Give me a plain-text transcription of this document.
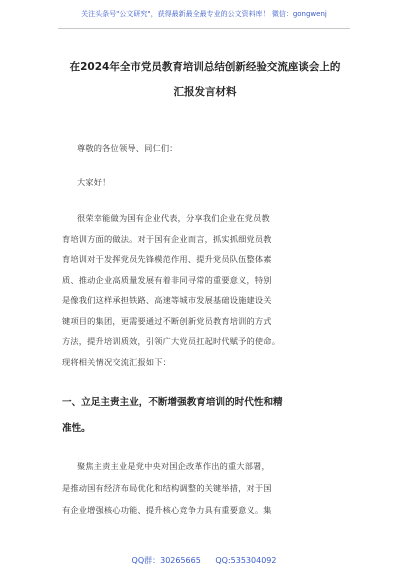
关注头条号"公文研究"，获得最新最全最专业的公文资料库！ 微信：gongwenj
在2024年全市党员教育培训总结创新经验交流座谈会上的
汇报发言材料
尊敬的各位领导、同仁们：
大家好！
很荣幸能做为国有企业代表，分享我们企业在党员教
育培训方面的做法。对于国有企业而言，抓实抓细党员教
育培训对于发挥党员先锋模范作用、提升党员队伍整体素
质、推动企业高质量发展有着非同寻常的重要意义，特别
是像我们这样承担铁路、高速等城市发展基础设施建设关
键项目的集团，更需要通过不断创新党员教育培训的方式
方法，提升培训质效，引领广大党员扛起时代赋予的使命。
现将相关情况交流汇报如下：
一、立足主责主业，不断增强教育培训的时代性和精
准性。
聚焦主责主业是党中央对国企改革作出的重大部署，
是推动国有经济布局优化和结构调整的关键举措，对于国
有企业增强核心功能、提升核心竞争力具有重要意义。集
QQ群：30265665 QQ:535304092
